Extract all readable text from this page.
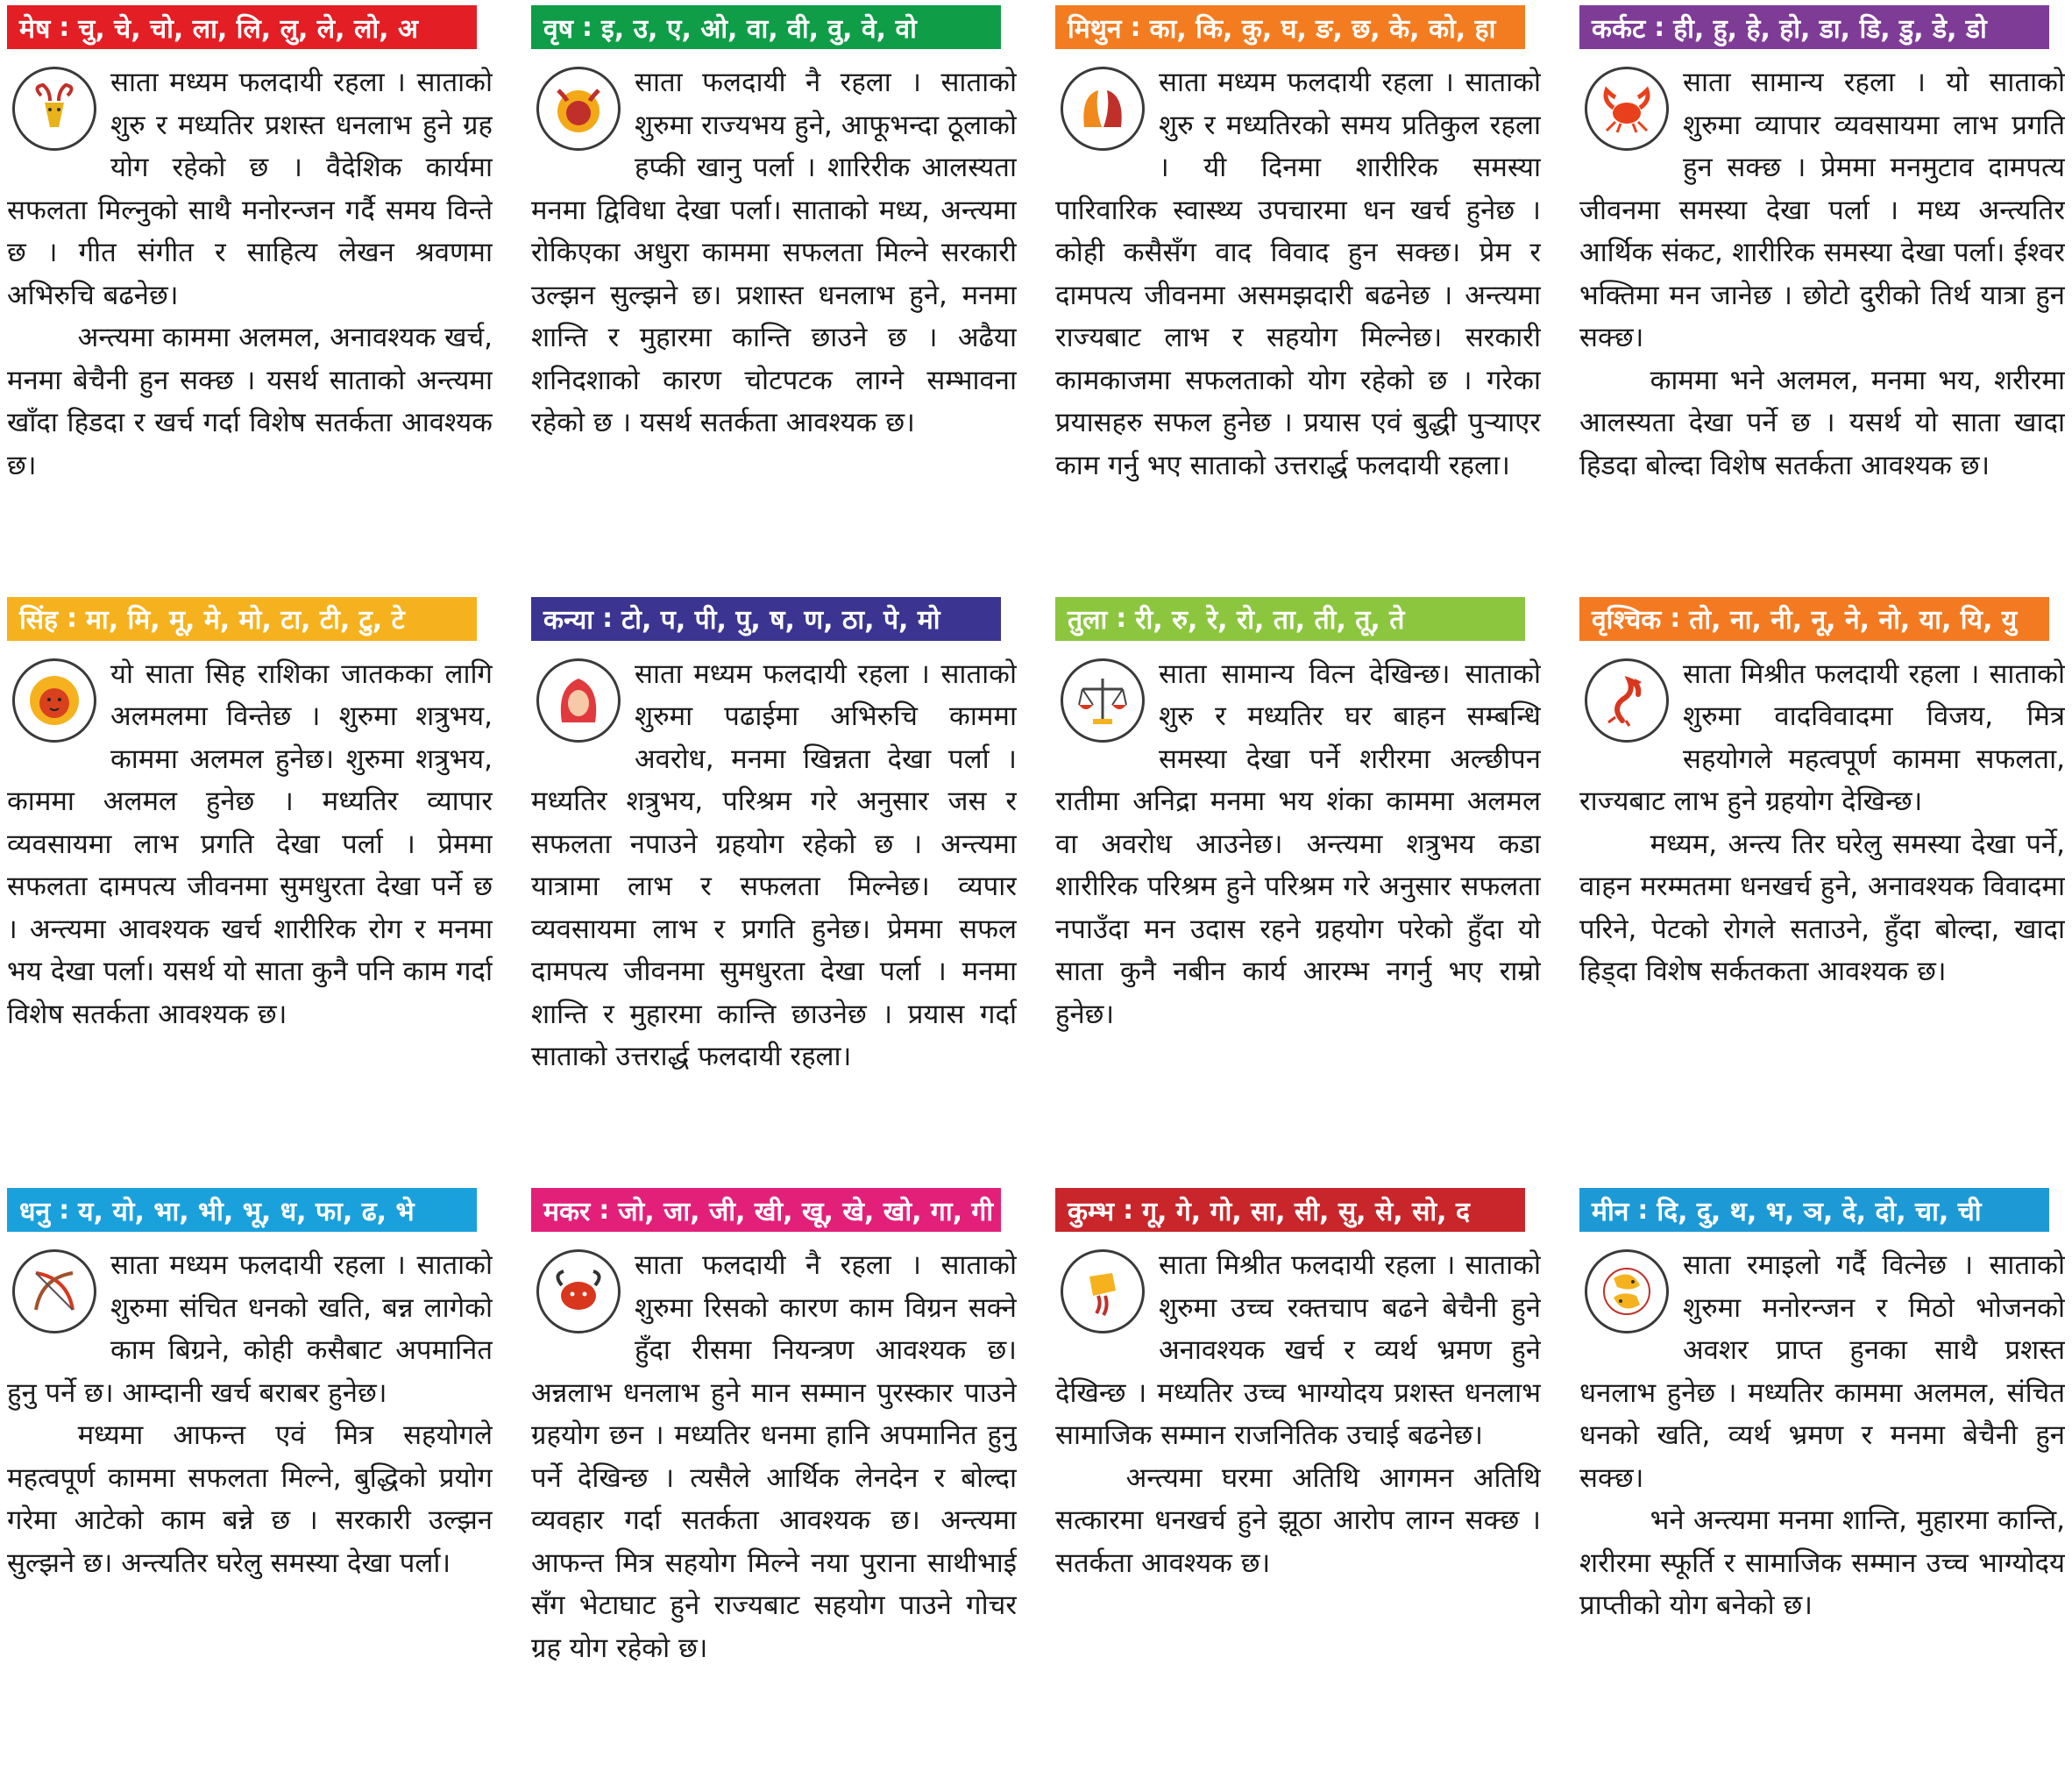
मेष : चु, चे, चो, ला, लि, लु, ले, लो, अ

साता मध्यम फलदायी रहला । साताको शुरु र मध्यतिर प्रशस्त धनलाभ हुने ग्रह योग रहेको छ । वैदेशिक कार्यमा सफलता मिल्नुको साथै मनोरन्जन गर्दै समय विन्ते छ । गीत संगीत र साहित्य लेखन श्रवणमा अभिरुचि बढनेछ।

अन्त्यमा काममा अलमल, अनावश्यक खर्च, मनमा बेचैनी हुन सक्छ । यसर्थ साताको अन्त्यमा खाँदा हिडदा र खर्च गर्दा विशेष सतर्कता आवश्यक छ।

वृष : इ, उ, ए, ओ, वा, वी, वु, वे, वो

साता फलदायी नै रहला । साताको शुरुमा राज्यभय हुने, आफूभन्दा ठूलाको हप्की खानु पर्ला । शारिरीक आलस्यता मनमा द्विविधा देखा पर्ला। साताको मध्य, अन्त्यमा रोकिएका अधुरा काममा सफलता मिल्ने सरकारी उल्झन सुल्झने छ। प्रशास्त धनलाभ हुने, मनमा शान्ति र मुहारमा कान्ति छाउने छ । अढैया शनिदशाको कारण चोटपटक लाग्ने सम्भावना रहेको छ । यसर्थ सतर्कता आवश्यक छ।

मिथुन : का, कि, कु, घ, ङ, छ, के, को, हा

साता मध्यम फलदायी रहला । साताको शुरु र मध्यतिरको समय प्रतिकुल रहला । यी दिनमा शारीरिक समस्या पारिवारिक स्वास्थ्य उपचारमा धन खर्च हुनेछ । कोही कसैसँग वाद विवाद हुन सक्छ। प्रेम र दामपत्य जीवनमा असमझदारी बढनेछ । अन्त्यमा राज्यबाट लाभ र सहयोग मिल्नेछ। सरकारी कामकाजमा सफलताको योग रहेको छ । गरेका प्रयासहरु सफल हुनेछ । प्रयास एवं बुद्धी पुऱ्याएर काम गर्नु भए साताको उत्तरार्द्ध फलदायी रहला।

कर्कट : ही, हु, हे, हो, डा, डि, डु, डे, डो

साता सामान्य रहला । यो साताको शुरुमा व्यापार व्यवसायमा लाभ प्रगति हुन सक्छ । प्रेममा मनमुटाव दामपत्य जीवनमा समस्या देखा पर्ला । मध्य अन्त्यतिर आर्थिक संकट, शारीरिक समस्या देखा पर्ला। ईश्वर भक्तिमा मन जानेछ । छोटो दुरीको तिर्थ यात्रा हुन सक्छ।

काममा भने अलमल, मनमा भय, शरीरमा आलस्यता देखा पर्ने छ । यसर्थ यो साता खादा हिडदा बोल्दा विशेष सतर्कता आवश्यक छ।

सिंह : मा, मि, मू, मे, मो, टा, टी, टु, टे

यो साता सिह राशिका जातकका लागि अलमलमा विन्तेछ । शुरुमा शत्रुभय, काममा अलमल हुनेछ। शुरुमा शत्रुभय, काममा अलमल हुनेछ । मध्यतिर व्यापार व्यवसायमा लाभ प्रगति देखा पर्ला । प्रेममा सफलता दामपत्य जीवनमा सुमधुरता देखा पर्ने छ । अन्त्यमा आवश्यक खर्च शारीरिक रोग र मनमा भय देखा पर्ला। यसर्थ यो साता कुनै पनि काम गर्दा विशेष सतर्कता आवश्यक छ।

कन्या : टो, प, पी, पु, ष, ण, ठा, पे, मो

साता मध्यम फलदायी रहला । साताको शुरुमा पढाईमा अभिरुचि काममा अवरोध, मनमा खिन्नता देखा पर्ला । मध्यतिर शत्रुभय, परिश्रम गरे अनुसार जस र सफलता नपाउने ग्रहयोग रहेको छ । अन्त्यमा यात्रामा लाभ र सफलता मिल्नेछ। व्यपार व्यवसायमा लाभ र प्रगति हुनेछ। प्रेममा सफल दामपत्य जीवनमा सुमधुरता देखा पर्ला । मनमा शान्ति र मुहारमा कान्ति छाउनेछ । प्रयास गर्दा साताको उत्तरार्द्ध फलदायी रहला।

तुला : री, रु, रे, रो, ता, ती, तू, ते

साता सामान्य वित्न देखिन्छ। साताको शुरु र मध्यतिर घर बाहन सम्बन्धि समस्या देखा पर्ने शरीरमा अल्छीपन रातीमा अनिद्रा मनमा भय शंका काममा अलमल वा अवरोध आउनेछ। अन्त्यमा शत्रुभय कडा शारीरिक परिश्रम हुने परिश्रम गरे अनुसार सफलता नपाउँदा मन उदास रहने ग्रहयोग परेको हुँदा यो साता कुनै नबीन कार्य आरम्भ नगर्नु भए राम्रो हुनेछ।

वृश्चिक : तो, ना, नी, नू, ने, नो, या, यि, यु

साता मिश्रीत फलदायी रहला । साताको शुरुमा वादविवादमा विजय, मित्र सहयोगले महत्वपूर्ण काममा सफलता, राज्यबाट लाभ हुने ग्रहयोग देखिन्छ।

मध्यम, अन्त्य तिर घरेलु समस्या देखा पर्ने, वाहन मरम्मतमा धनखर्च हुने, अनावश्यक विवादमा परिने, पेटको रोगले सताउने, हुँदा बोल्दा, खादा हिड्दा विशेष सर्कतकता आवश्यक छ।

धनु : य, यो, भा, भी, भू, ध, फा, ढ, भे

साता मध्यम फलदायी रहला । साताको शुरुमा संचित धनको खति, बन्न लागेको काम बिग्रने, कोही कसैबाट अपमानित हुनु पर्ने छ। आम्दानी खर्च बराबर हुनेछ।

मध्यमा आफन्त एवं मित्र सहयोगले महत्वपूर्ण काममा सफलता मिल्ने, बुद्धिको प्रयोग गरेमा आटेको काम बन्ने छ । सरकारी उल्झन सुल्झने छ। अन्त्यतिर घरेलु समस्या देखा पर्ला।

मकर : जो, जा, जी, खी, खू, खे, खो, गा, गी

साता फलदायी नै रहला । साताको शुरुमा रिसको कारण काम विग्रन सक्ने हुँदा रीसमा नियन्त्रण आवश्यक छ। अन्नलाभ धनलाभ हुने मान सम्मान पुरस्कार पाउने ग्रहयोग छन । मध्यतिर धनमा हानि अपमानित हुनु पर्ने देखिन्छ । त्यसैले आर्थिक लेनदेन र बोल्दा व्यवहार गर्दा सतर्कता आवश्यक छ। अन्त्यमा आफन्त मित्र सहयोग मिल्ने नया पुराना साथीभाई सँग भेटाघाट हुने राज्यबाट सहयोग पाउने गोचर ग्रह योग रहेको छ।

कुम्भ : गू, गे, गो, सा, सी, सु, से, सो, द

साता मिश्रीत फलदायी रहला । साताको शुरुमा उच्च रक्तचाप बढने बेचैनी हुने अनावश्यक खर्च र व्यर्थ भ्रमण हुने देखिन्छ । मध्यतिर उच्च भाग्योदय प्रशस्त धनलाभ सामाजिक सम्मान राजनितिक उचाई बढनेछ।

अन्त्यमा घरमा अतिथि आगमन अतिथि सत्कारमा धनखर्च हुने झूठा आरोप लाग्न सक्छ । सतर्कता आवश्यक छ।

मीन : दि, दु, थ, भ, ञ, दे, दो, चा, ची

साता रमाइलो गर्दै वित्नेछ । साताको शुरुमा मनोरन्जन र मिठो भोजनको अवशर प्राप्त हुनका साथै प्रशस्त धनलाभ हुनेछ । मध्यतिर काममा अलमल, संचित धनको खति, व्यर्थ भ्रमण र मनमा बेचैनी हुन सक्छ।

भने अन्त्यमा मनमा शान्ति, मुहारमा कान्ति, शरीरमा स्फूर्ति र सामाजिक सम्मान उच्च भाग्योदय प्राप्तीको योग बनेको छ।
